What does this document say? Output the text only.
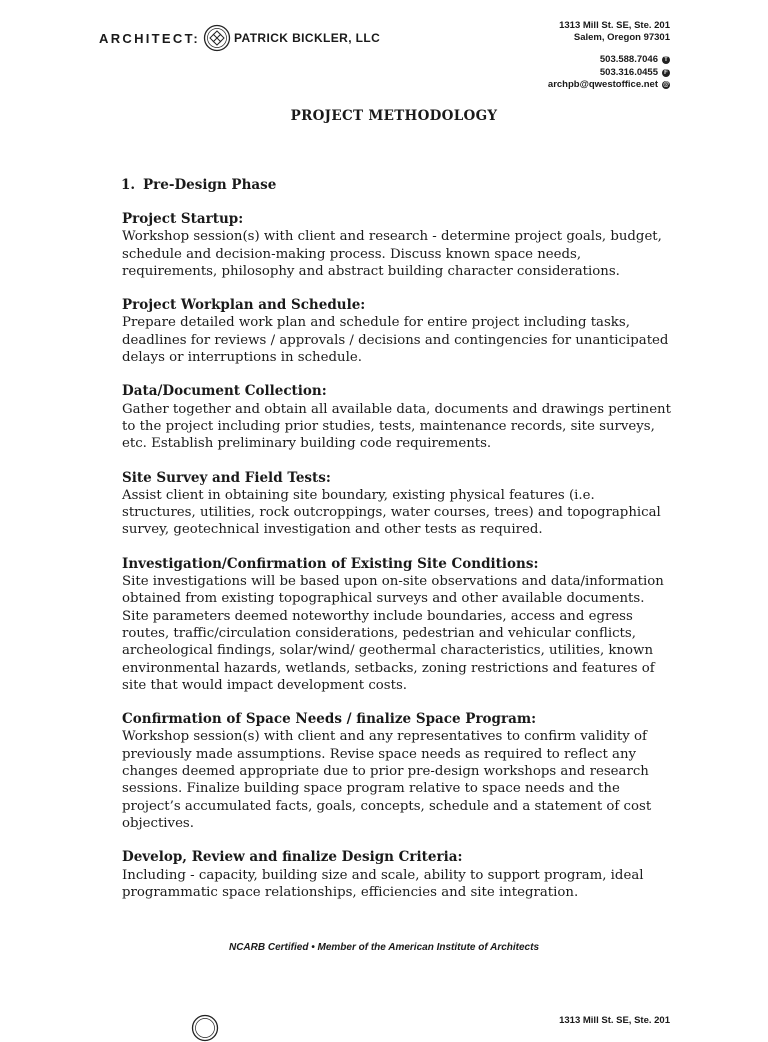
ARCHITECT:	PATRICK BICKLER, LLC
1313 Mill St. SE, Ste. 201
Salem, Oregon 97301
503.588.7046	T
503.316.0455	F
archpb@qwestoffice.net @
PROJECT METHODOLOGY
1. Pre-Design Phase
Project Startup:

Workshop session(s) with client and research - determine project goals, budget, schedule and decision-making process. Discuss known space needs, requirements, philosophy and abstract building character considerations.

Project Workplan and Schedule:

Prepare detailed work plan and schedule for entire project including tasks, deadlines for reviews / approvals / decisions and contingencies for unanticipated delays or interruptions in schedule.

Data/Document Collection:

Gather together and obtain all available data, documents and drawings pertinent to the project including prior studies, tests, maintenance records, site surveys, etc. Establish preliminary building code requirements.

Site Survey and Field Tests:

Assist client in obtaining site boundary, existing physical features (i.e. structures, utilities, rock outcroppings, water courses, trees) and topographical survey, geotechnical investigation and other tests as required.

Investigation/Confirmation of Existing Site Conditions:

Site investigations will be based upon on-site observations and data/information obtained from existing topographical surveys and other available documents. Site parameters deemed noteworthy include boundaries, access and egress routes, traffic/circulation considerations, pedestrian and vehicular conflicts, archeological findings, solar/wind/ geothermal characteristics, utilities, known environmental hazards, wetlands, setbacks, zoning restrictions and features of site that would impact development costs.

Confirmation of Space Needs / finalize Space Program:

Workshop session(s) with client and any representatives to confirm validity of previously made assumptions. Revise space needs as required to reflect any changes deemed appropriate due to prior pre-design workshops and research sessions. Finalize building space program relative to space needs and the project’s accumulated facts, goals, concepts, schedule and a statement of cost objectives.

Develop, Review and finalize Design Criteria:

Including - capacity, building size and scale, ability to support program, ideal programmatic space relationships, efficiencies and site integration.

NCARB Certified • Member of the American Institute of Architects
1313 Mill St. SE, Ste. 201
